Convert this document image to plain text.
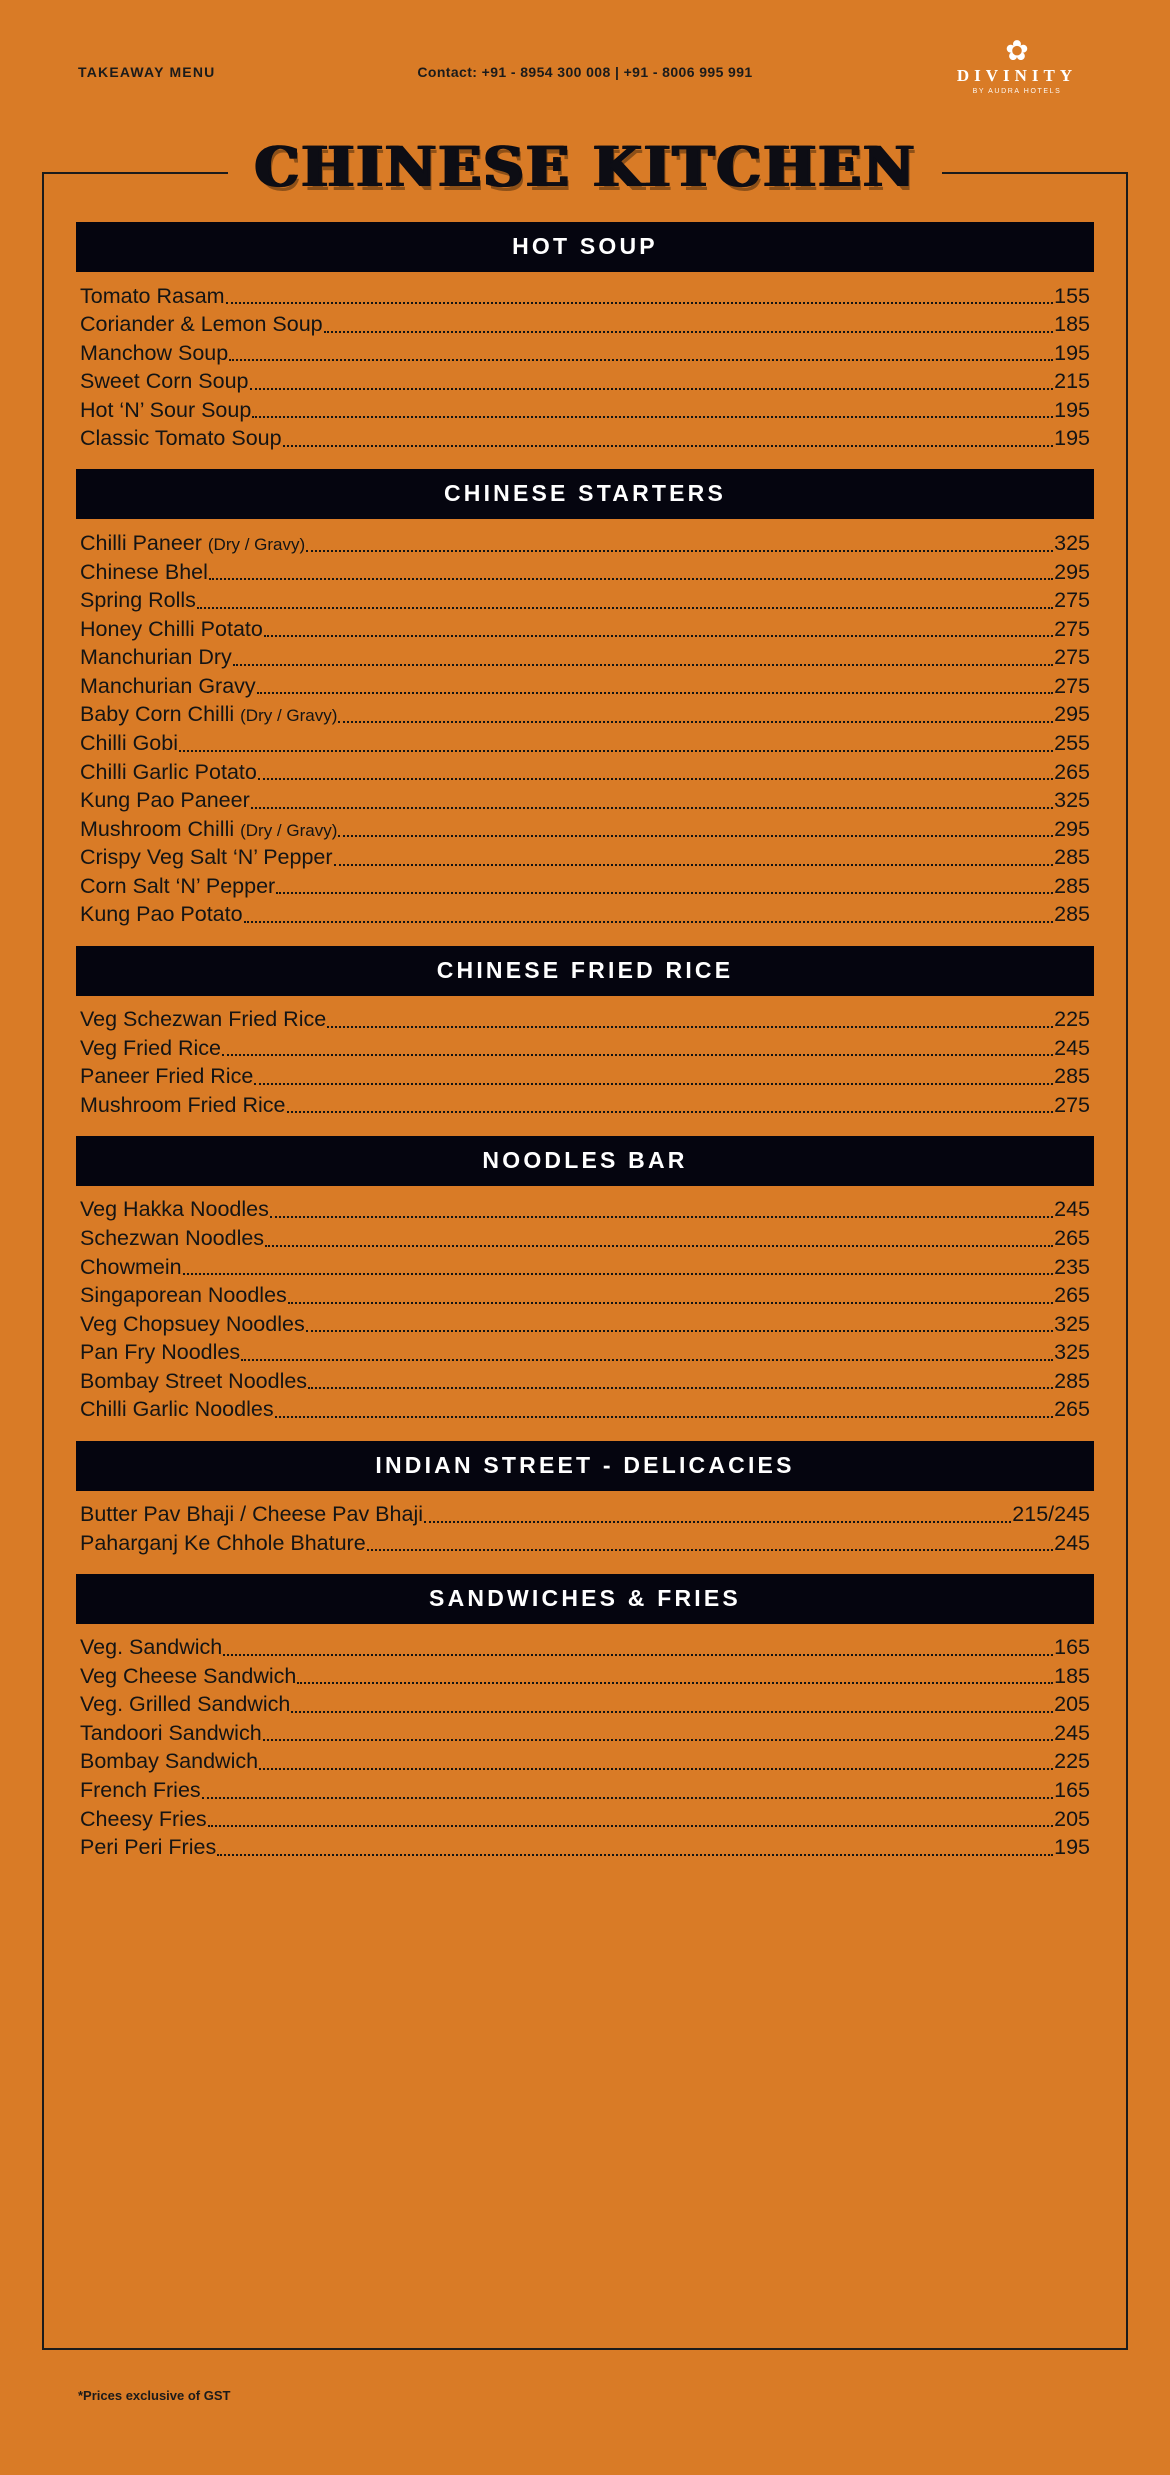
TAKEAWAY MENU	Contact: +91 - 8954 300 008 | +91 - 8006 995 991
✿
DIVINITY
BY AUDRA HOTELS
CHINESE KITCHEN
HOT SOUP
Tomato Rasam	155
Coriander & Lemon Soup	185
Manchow Soup	195
Sweet Corn Soup	215
Hot ‘N’ Sour Soup	195
Classic Tomato Soup	195
CHINESE STARTERS
Chilli Paneer (Dry / Gravy)	325
Chinese Bhel	295
Spring Rolls	275
Honey Chilli Potato	275
Manchurian Dry	275
Manchurian Gravy	275
Baby Corn Chilli (Dry / Gravy)	295
Chilli Gobi	255
Chilli Garlic Potato	265
Kung Pao Paneer	325
Mushroom Chilli (Dry / Gravy)	295
Crispy Veg Salt ‘N’ Pepper	285
Corn Salt ‘N’ Pepper	285
Kung Pao Potato	285
CHINESE FRIED RICE
Veg Schezwan Fried Rice	225
Veg Fried Rice	245
Paneer Fried Rice	285
Mushroom Fried Rice	275
NOODLES BAR
Veg Hakka Noodles	245
Schezwan Noodles	265
Chowmein	235
Singaporean Noodles	265
Veg Chopsuey Noodles	325
Pan Fry Noodles	325
Bombay Street Noodles	285
Chilli Garlic Noodles	265
INDIAN STREET - DELICACIES
Butter Pav Bhaji / Cheese Pav Bhaji	215/245
Paharganj Ke Chhole Bhature	245
SANDWICHES & FRIES
Veg. Sandwich	165
Veg Cheese Sandwich	185
Veg. Grilled Sandwich	205
Tandoori Sandwich	245
Bombay Sandwich	225
French Fries	165
Cheesy Fries	205
Peri Peri Fries	195
*Prices exclusive of GST
